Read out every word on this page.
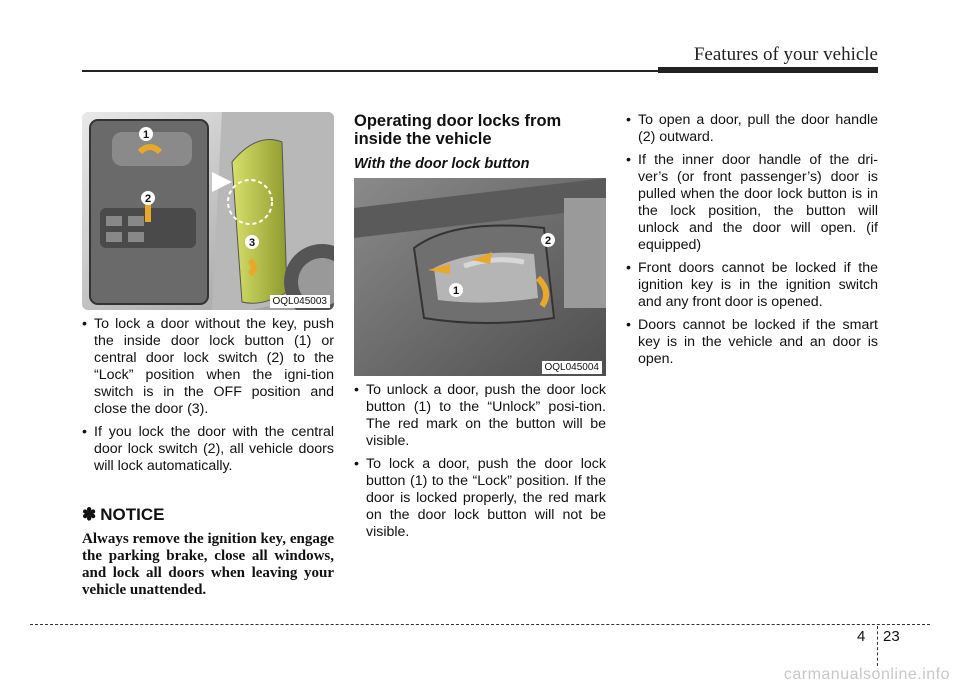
Features of your vehicle
1
2
3
OQL045003
• To lock a door without the key, push the inside door lock button (1) or central door lock switch (2) to the “Lock” position when the igni-tion switch is in the OFF position and close the door (3).
• If you lock the door with the central door lock switch (2), all vehicle doors will lock automatically.
✽ NOTICE
Always remove the ignition key, engage the parking brake, close all windows, and lock all doors when leaving your vehicle unattended.
Operating door locks from inside the vehicle
With the door lock button
1
2
OQL045004
• To unlock a door, push the door lock button (1) to the “Unlock” posi-tion. The red mark on the button will be visible.
• To lock a door, push the door lock button (1) to the “Lock” position. If the door is locked properly, the red mark on the door lock button will not be visible.
• To open a door, pull the door handle (2) outward.
• If the inner door handle of the dri-ver’s (or front passenger’s) door is pulled when the door lock button is in the lock position, the button will unlock and the door will open. (if equipped)
• Front doors cannot be locked if the ignition key is in the ignition switch and any front door is opened.
• Doors cannot be locked if the smart key is in the vehicle and an door is open.
4 23
carmanualsonline.info
